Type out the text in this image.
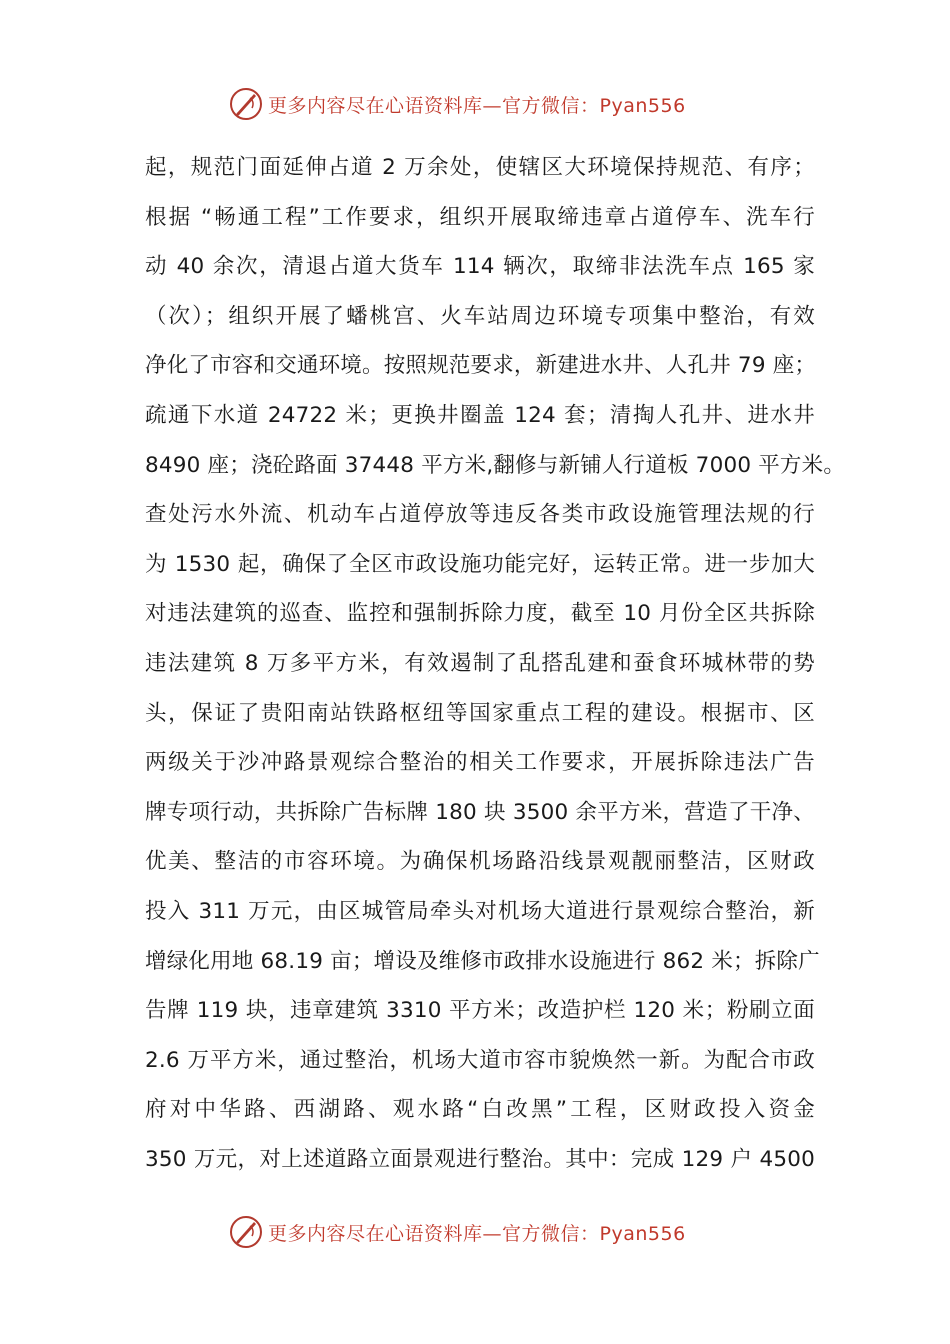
更多内容尽在心语资料库—官方微信：Pyan556
起，规范门面延伸占道 2 万余处，使辖区大环境保持规范、有序；
根据 “畅通工程”工作要求，组织开展取缔违章占道停车、洗车行
动 40 余次，清退占道大货车 114 辆次，取缔非法洗车点 165 家
（次）；组织开展了蟠桃宫、火车站周边环境专项集中整治，有效
净化了市容和交通环境。按照规范要求，新建进水井、人孔井 79 座；
疏通下水道 24722 米；更换井圈盖 124 套；清掏人孔井、进水井
8490 座；浇砼路面 37448 平方米,翻修与新铺人行道板 7000 平方米。
查处污水外流、机动车占道停放等违反各类市政设施管理法规的行
为 1530 起，确保了全区市政设施功能完好，运转正常。进一步加大
对违法建筑的巡查、监控和强制拆除力度，截至 10 月份全区共拆除
违法建筑 8 万多平方米，有效遏制了乱搭乱建和蚕食环城林带的势
头，保证了贵阳南站铁路枢纽等国家重点工程的建设。根据市、区
两级关于沙冲路景观综合整治的相关工作要求，开展拆除违法广告
牌专项行动，共拆除广告标牌 180 块 3500 余平方米，营造了干净、
优美、整洁的市容环境。为确保机场路沿线景观靓丽整洁，区财政
投入 311 万元，由区城管局牵头对机场大道进行景观综合整治，新
增绿化用地 68.19 亩；增设及维修市政排水设施进行 862 米；拆除广
告牌 119 块，违章建筑 3310 平方米；改造护栏 120 米；粉刷立面
2.6 万平方米，通过整治，机场大道市容市貌焕然一新。为配合市政
府对中华路、西湖路、观水路“白改黑”工程，区财政投入资金
350 万元，对上述道路立面景观进行整治。其中：完成 129 户 4500
更多内容尽在心语资料库—官方微信：Pyan556
